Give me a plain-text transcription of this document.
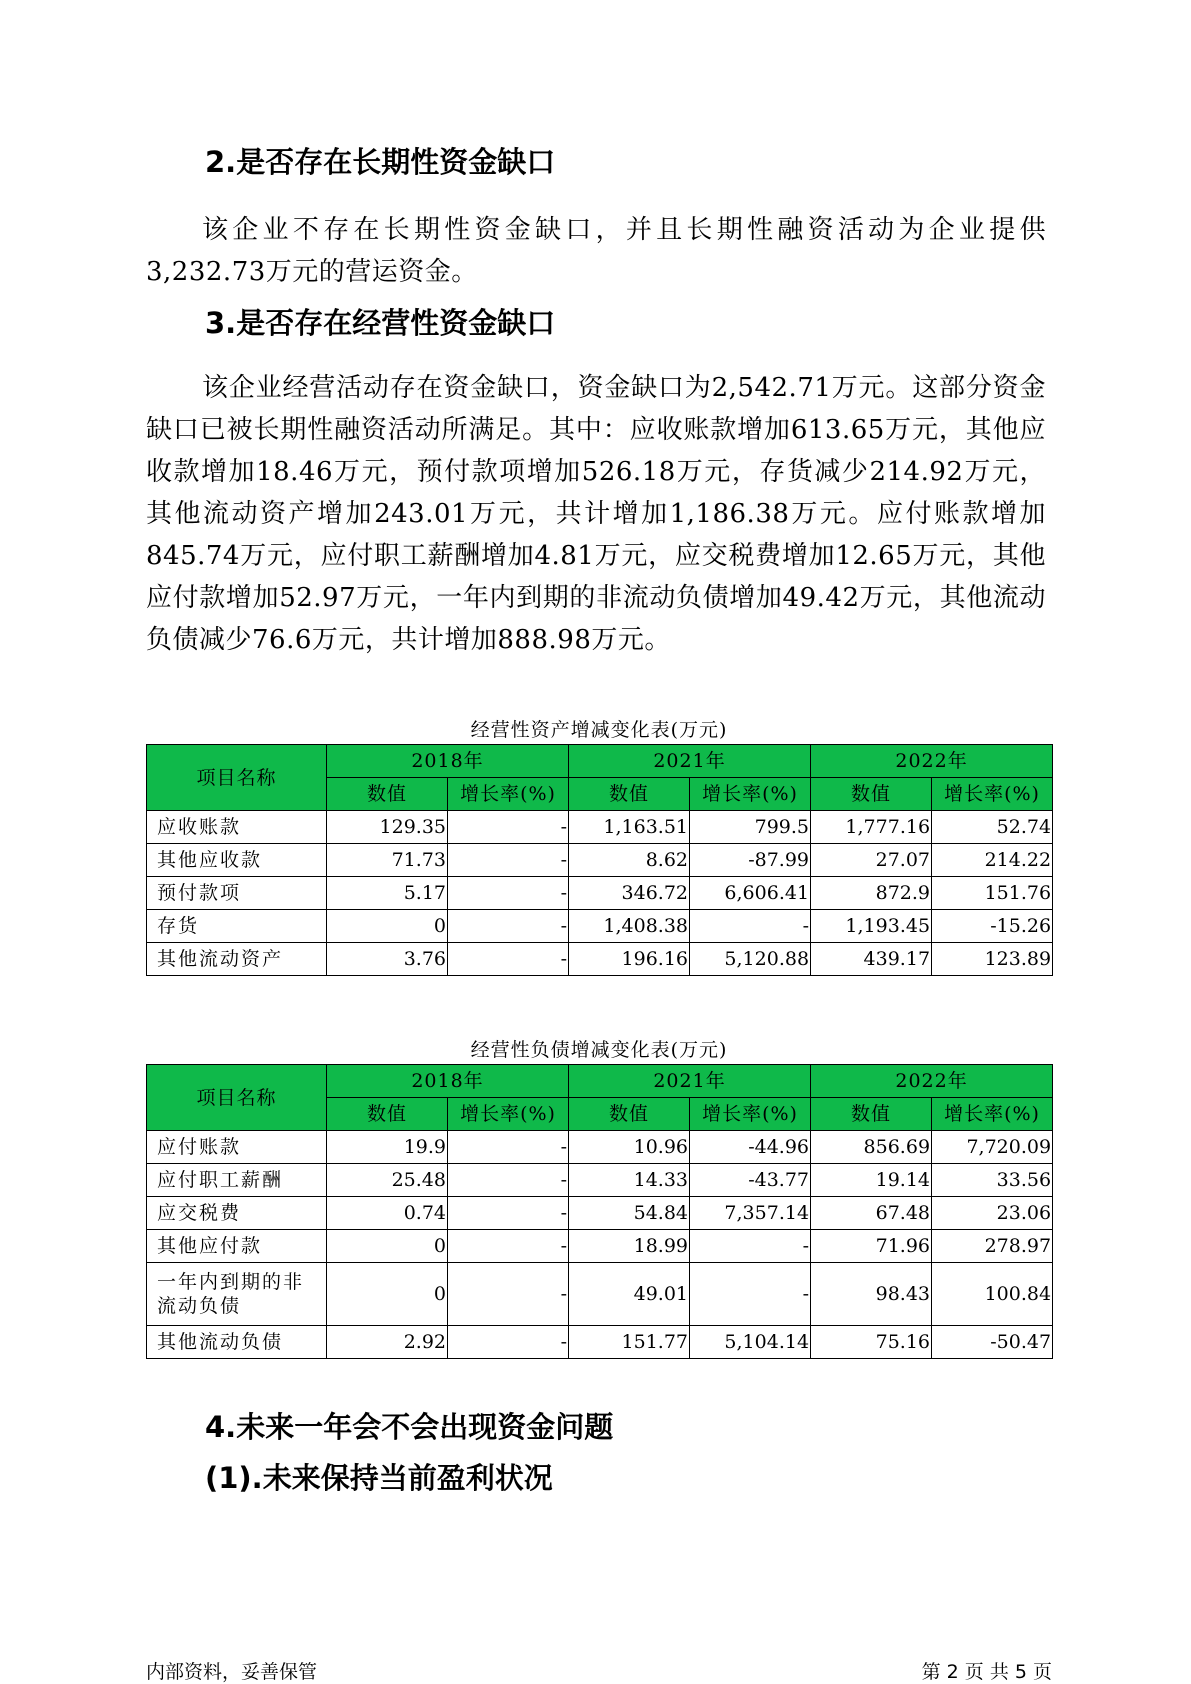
2.是否存在长期性资金缺口

该企业不存在长期性资金缺口，并且长期性融资活动为企业提供3,232.73万元的营运资金。

3.是否存在经营性资金缺口

该企业经营活动存在资金缺口，资金缺口为2,542.71万元。这部分资金缺口已被长期性融资活动所满足。其中：应收账款增加613.65万元，其他应收款增加18.46万元，预付款项增加526.18万元，存货减少214.92万元，其他流动资产增加243.01万元，共计增加1,186.38万元。应付账款增加845.74万元，应付职工薪酬增加4.81万元，应交税费增加12.65万元，其他应付款增加52.97万元，一年内到期的非流动负债增加49.42万元，其他流动负债减少76.6万元，共计增加888.98万元。

经营性资产增减变化表(万元)
项目名称	2018年		2021年		2022年	
	数值	增长率(%)	数值	增长率(%)	数值	增长率(%)
应收账款	129.35	-	1,163.51	799.5	1,777.16	52.74
其他应收款	71.73	-	8.62	-87.99	27.07	214.22
预付款项	5.17	-	346.72	6,606.41	872.9	151.76
存货	0	-	1,408.38	-	1,193.45	-15.26
其他流动资产	3.76	-	196.16	5,120.88	439.17	123.89
经营性负债增减变化表(万元)
项目名称	2018年		2021年		2022年	
	数值	增长率(%)	数值	增长率(%)	数值	增长率(%)
应付账款	19.9	-	10.96	-44.96	856.69	7,720.09
应付职工薪酬	25.48	-	14.33	-43.77	19.14	33.56
应交税费	0.74	-	54.84	7,357.14	67.48	23.06
其他应付款	0	-	18.99	-	71.96	278.97
一年内到期的非流动负债	0	-	49.01	-	98.43	100.84
其他流动负债	2.92	-	151.77	5,104.14	75.16	-50.47
4.未来一年会不会出现资金问题
(1).未来保持当前盈利状况
内部资料，妥善保管	第 2 页 共 5 页
